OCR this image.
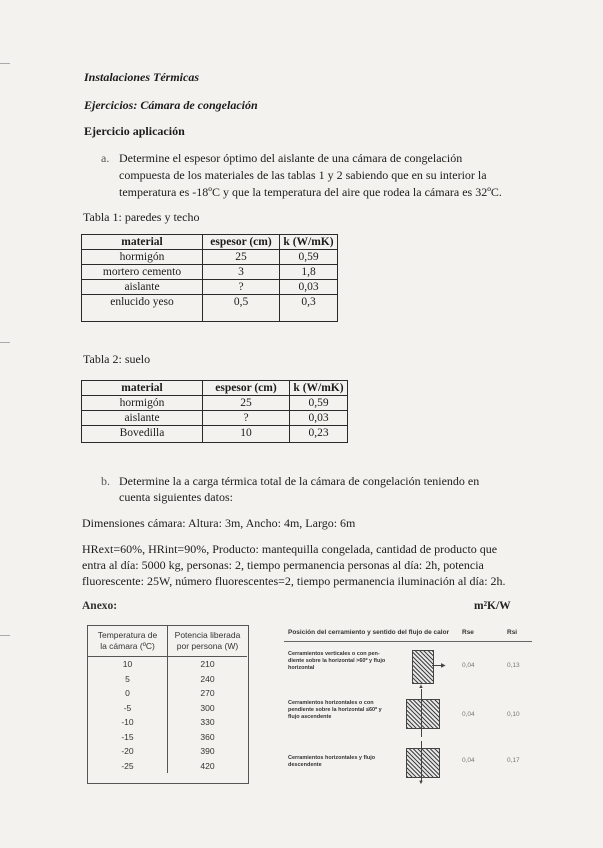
Instalaciones Térmicas
Ejercicios: Cámara de congelación
Ejercicio aplicación
a. Determine el espesor óptimo del aislante de una cámara de congelación
compuesta de los materiales de las tablas 1 y 2 sabiendo que en su interior la
temperatura es -18ºC y que la temperatura del aire que rodea la cámara es 32ºC.
Tabla 1: paredes y techo
material	espesor (cm)	k (W/mK)
hormigón	25	0,59
mortero cemento	3	1,8
aislante	?	0,03
enlucido yeso	0,5	0,3
Tabla 2: suelo
material	espesor (cm)	k (W/mK)
hormigón	25	0,59
aislante	?	0,03
Bovedilla	10	0,23
b. Determine la a carga térmica total de la cámara de congelación teniendo en
cuenta siguientes datos:
Dimensiones cámara: Altura: 3m, Ancho: 4m, Largo: 6m
HRext=60%, HRint=90%, Producto: mantequilla congelada, cantidad de producto que
entra al día: 5000 kg, personas: 2, tiempo permanencia personas al día: 2h, potencia
fluorescente: 25W, número fluorescentes=2, tiempo permanencia iluminación al día: 2h.
Anexo:	m²K/W
Temperatura de
la cámara (ºC)	Potencia liberada
por persona (W)
10	210
5	240
0	270
-5	300
-10	330
-15	360
-20	390
-25	420
Posición del cerramiento y sentido del flujo de calor Rse	Rsi
Cerramientos verticales o con pen-
diente sobre la horizontal >60º y flujo
horizontal	▶	0,04	0,13
Cerramientos horizontales o con
pendiente sobre la horizontal ≤60º y
flujo ascendente
▲
0,04	0,10
Cerramientos horizontales y flujo
descendente
▼
0,04	0,17
